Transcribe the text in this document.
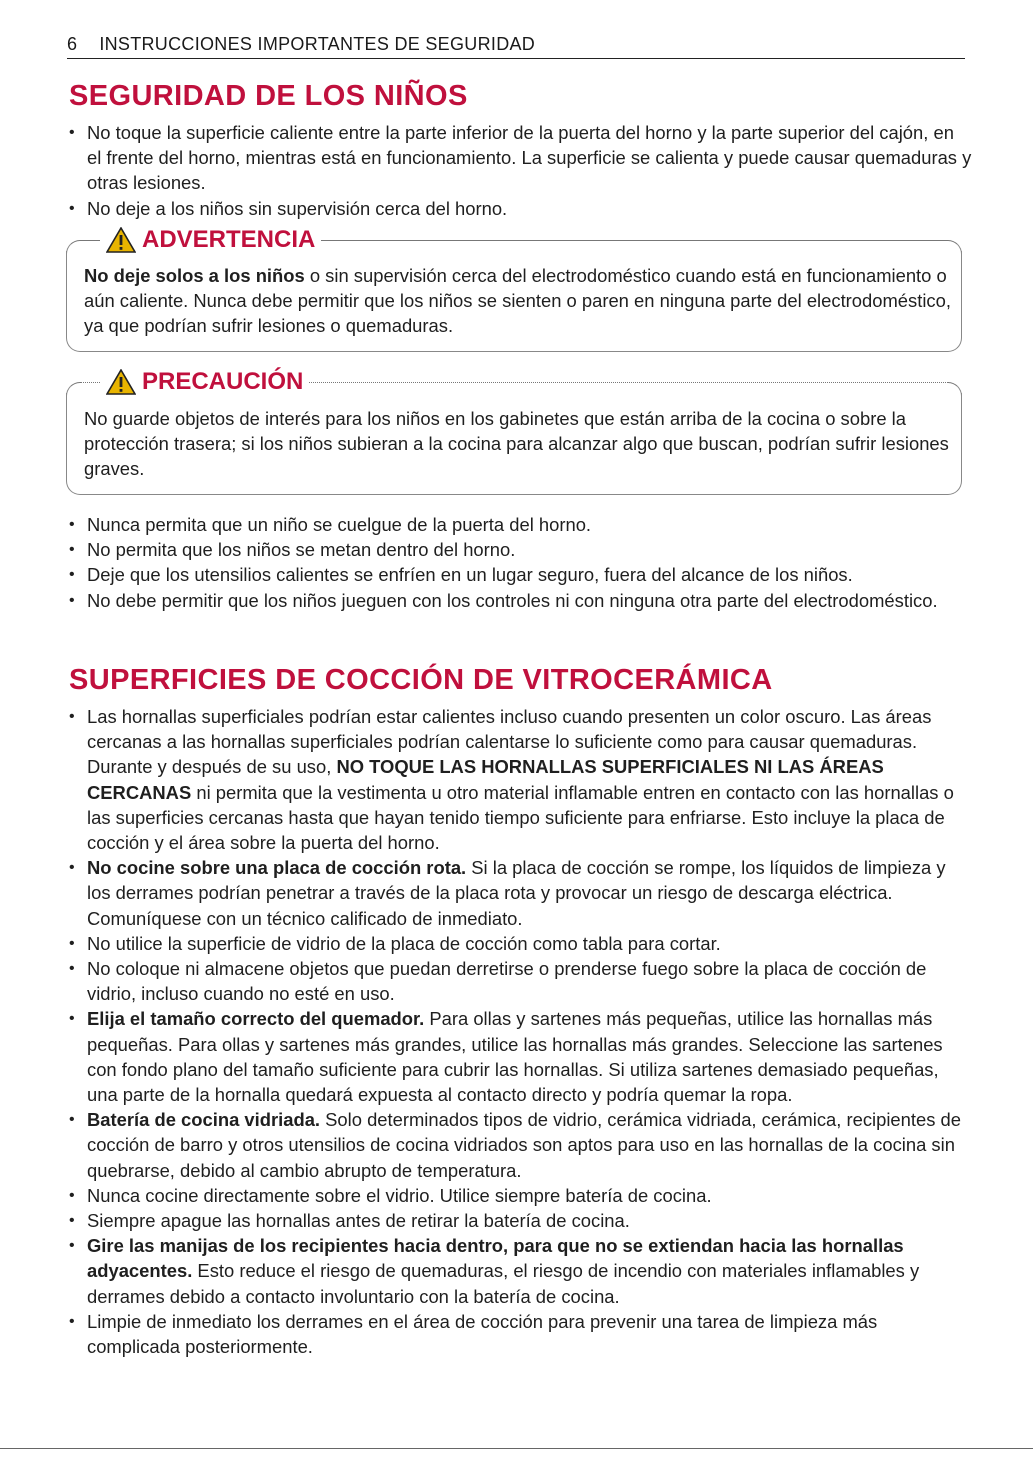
6 INSTRUCCIONES IMPORTANTES DE SEGURIDAD
SEGURIDAD DE LOS NIÑOS
• No toque la superficie caliente entre la parte inferior de la puerta del horno y la parte superior del cajón, en el frente del horno, mientras está en funcionamiento. La superficie se calienta y puede causar quemaduras y otras lesiones.
• No deje a los niños sin supervisión cerca del horno.
ADVERTENCIA

No deje solos a los niños o sin supervisión cerca del electrodoméstico cuando está en funcionamiento o aún caliente. Nunca debe permitir que los niños se sienten o paren en ninguna parte del electrodoméstico, ya que podrían sufrir lesiones o quemaduras.

PRECAUCIÓN

No guarde objetos de interés para los niños en los gabinetes que están arriba de la cocina o sobre la protección trasera; si los niños subieran a la cocina para alcanzar algo que buscan, podrían sufrir lesiones graves.

• Nunca permita que un niño se cuelgue de la puerta del horno.
• No permita que los niños se metan dentro del horno.
• Deje que los utensilios calientes se enfríen en un lugar seguro, fuera del alcance de los niños.
• No debe permitir que los niños jueguen con los controles ni con ninguna otra parte del electrodoméstico.
SUPERFICIES DE COCCIÓN DE VITROCERÁMICA
• Las hornallas superficiales podrían estar calientes incluso cuando presenten un color oscuro. Las áreas cercanas a las hornallas superficiales podrían calentarse lo suficiente como para causar quemaduras. Durante y después de su uso, NO TOQUE LAS HORNALLAS SUPERFICIALES NI LAS ÁREAS CERCANAS ni permita que la vestimenta u otro material inflamable entren en contacto con las hornallas o las superficies cercanas hasta que hayan tenido tiempo suficiente para enfriarse. Esto incluye la placa de cocción y el área sobre la puerta del horno.
• No cocine sobre una placa de cocción rota. Si la placa de cocción se rompe, los líquidos de limpieza y los derrames podrían penetrar a través de la placa rota y provocar un riesgo de descarga eléctrica. Comuníquese con un técnico calificado de inmediato.
• No utilice la superficie de vidrio de la placa de cocción como tabla para cortar.
• No coloque ni almacene objetos que puedan derretirse o prenderse fuego sobre la placa de cocción de vidrio, incluso cuando no esté en uso.
• Elija el tamaño correcto del quemador. Para ollas y sartenes más pequeñas, utilice las hornallas más pequeñas. Para ollas y sartenes más grandes, utilice las hornallas más grandes. Seleccione las sartenes con fondo plano del tamaño suficiente para cubrir las hornallas. Si utiliza sartenes demasiado pequeñas, una parte de la hornalla quedará expuesta al contacto directo y podría quemar la ropa.
• Batería de cocina vidriada. Solo determinados tipos de vidrio, cerámica vidriada, cerámica, recipientes de cocción de barro y otros utensilios de cocina vidriados son aptos para uso en las hornallas de la cocina sin quebrarse, debido al cambio abrupto de temperatura.
• Nunca cocine directamente sobre el vidrio. Utilice siempre batería de cocina.
• Siempre apague las hornallas antes de retirar la batería de cocina.
• Gire las manijas de los recipientes hacia dentro, para que no se extiendan hacia las hornallas adyacentes. Esto reduce el riesgo de quemaduras, el riesgo de incendio con materiales inflamables y derrames debido a contacto involuntario con la batería de cocina.
• Limpie de inmediato los derrames en el área de cocción para prevenir una tarea de limpieza más complicada posteriormente.
